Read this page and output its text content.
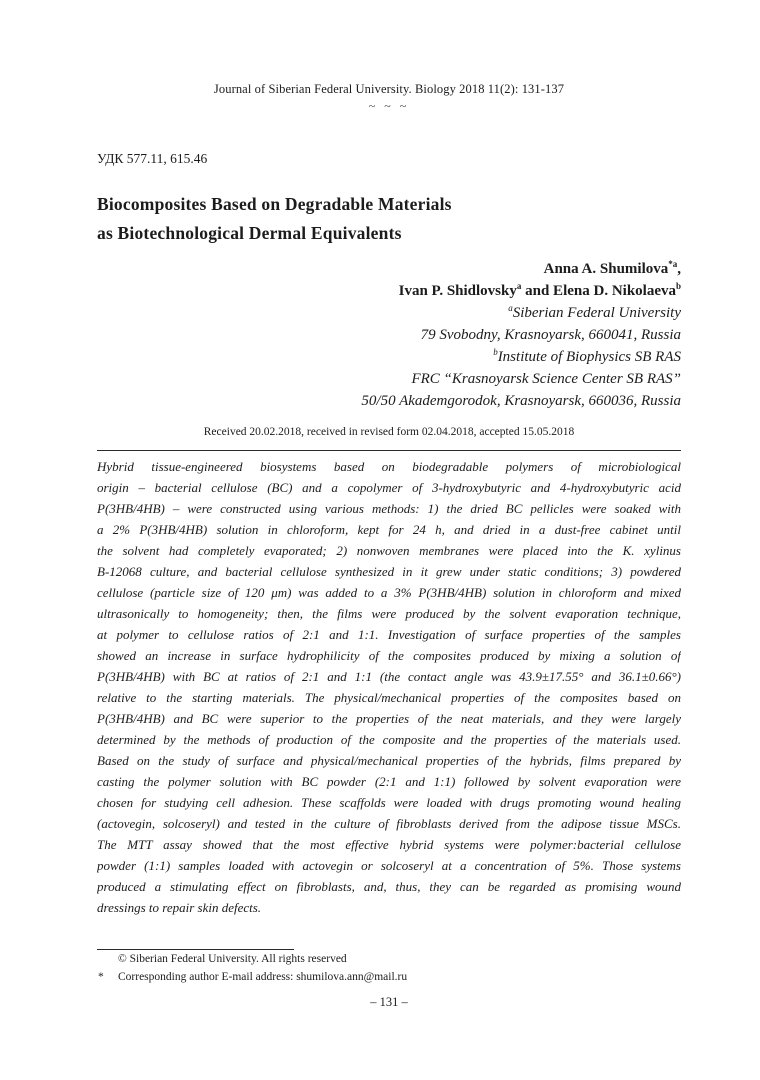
Journal of Siberian Federal University. Biology 2018 11(2): 131-137
~ ~ ~
УДК 577.11, 615.46
Biocomposites Based on Degradable Materials
as Biotechnological Dermal Equivalents
Anna A. Shumilova$^{*a}$,
Ivan P. Shidlovsky$^a$ and Elena D. Nikolaeva$^b$
$^a$Siberian Federal University
79 Svobodny, Krasnoyarsk, 660041, Russia
$^b$Institute of Biophysics SB RAS
FRC “Krasnoyarsk Science Center SB RAS”
50/50 Akademgorodok, Krasnoyarsk, 660036, Russia
Received 20.02.2018, received in revised form 02.04.2018, accepted 15.05.2018
Hybrid tissue-engineered biosystems based on biodegradable polymers of microbiological
origin – bacterial cellulose (BC) and a copolymer of 3-hydroxybutyric and 4-hydroxybutyric acid
P(3HB/4HB) – were constructed using various methods: 1) the dried BC pellicles were soaked with
a 2% P(3HB/4HB) solution in chloroform, kept for 24 h, and dried in a dust-free cabinet until
the solvent had completely evaporated; 2) nonwoven membranes were placed into the K. xylinus
B-12068 culture, and bacterial cellulose synthesized in it grew under static conditions; 3) powdered
cellulose (particle size of 120 μm) was added to a 3% P(3HB/4HB) solution in chloroform and mixed
ultrasonically to homogeneity; then, the films were produced by the solvent evaporation technique,
at polymer to cellulose ratios of 2:1 and 1:1. Investigation of surface properties of the samples
showed an increase in surface hydrophilicity of the composites produced by mixing a solution of
P(3HB/4HB) with BC at ratios of 2:1 and 1:1 (the contact angle was 43.9±17.55° and 36.1±0.66°)
relative to the starting materials. The physical/mechanical properties of the composites based on
P(3HB/4HB) and BC were superior to the properties of the neat materials, and they were largely
determined by the methods of production of the composite and the properties of the materials used.
Based on the study of surface and physical/mechanical properties of the hybrids, films prepared by
casting the polymer solution with BC powder (2:1 and 1:1) followed by solvent evaporation were
chosen for studying cell adhesion. These scaffolds were loaded with drugs promoting wound healing
(actovegin, solcoseryl) and tested in the culture of fibroblasts derived from the adipose tissue MSCs.
The MTT assay showed that the most effective hybrid systems were polymer:bacterial cellulose
powder (1:1) samples loaded with actovegin or solcoseryl at a concentration of 5%. Those systems
produced a stimulating effect on fibroblasts, and, thus, they can be regarded as promising wound
dressings to repair skin defects.
© Siberian Federal University. All rights reserved
* Corresponding author E-mail address: shumilova.ann@mail.ru
– 131 –
